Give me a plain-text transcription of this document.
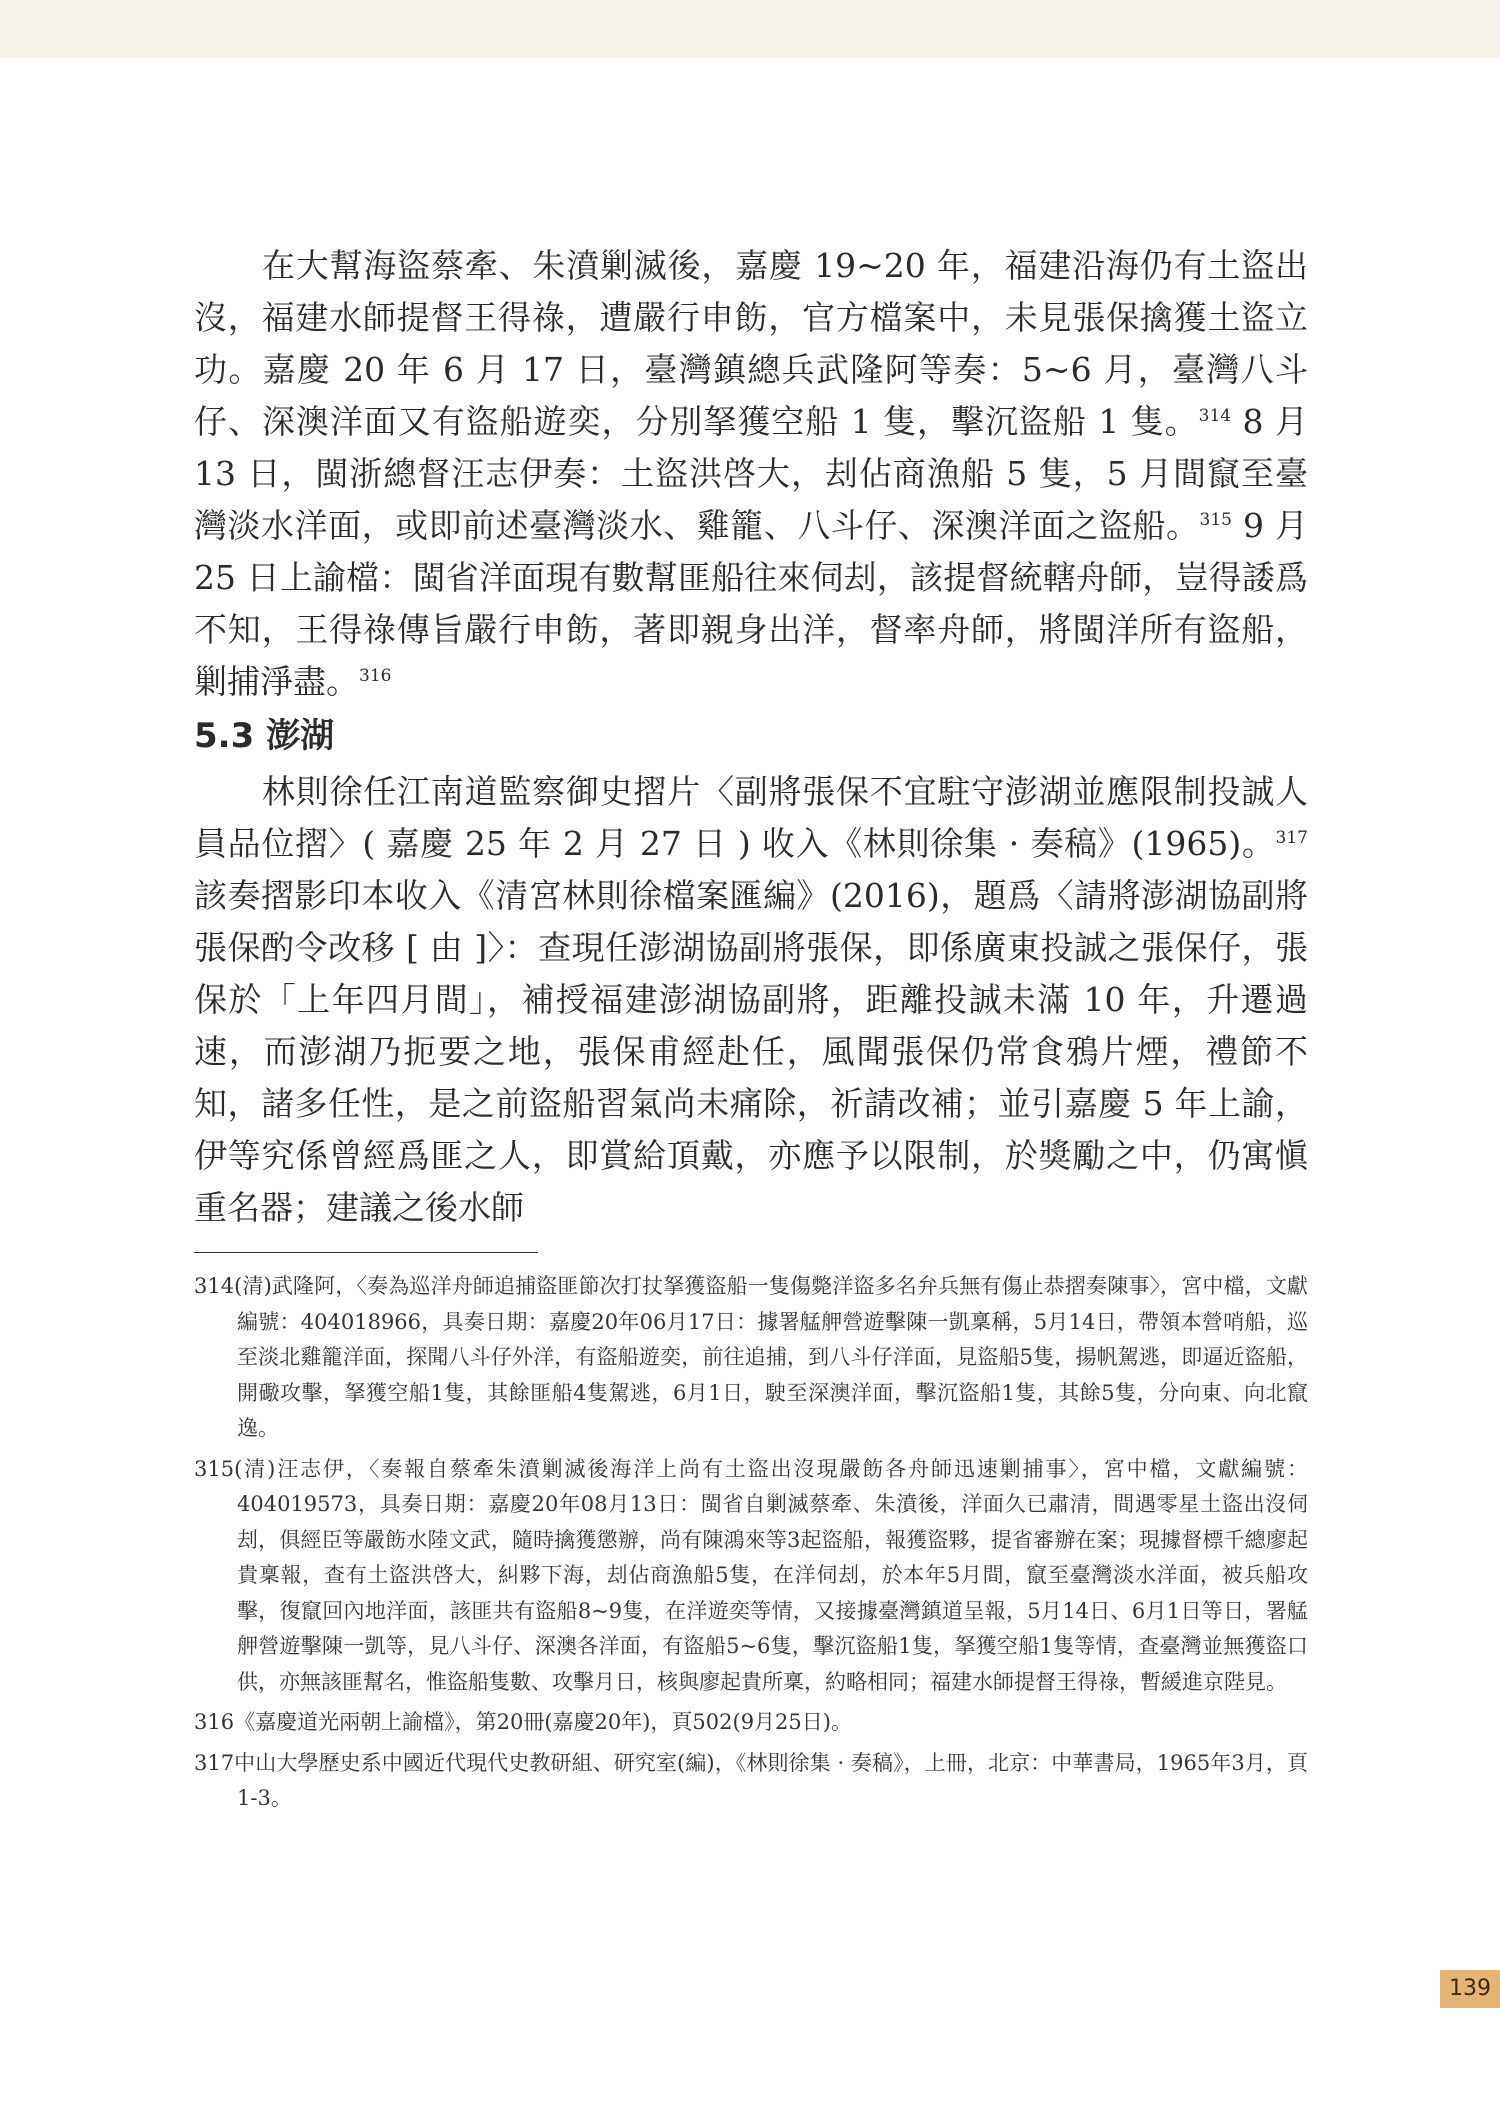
在大幫海盜蔡牽、朱濆剿滅後，嘉慶 19~20 年，福建沿海仍有土盜出沒，福建水師提督王得祿，遭嚴行申飭，官方檔案中，未見張保擒獲土盜立功。嘉慶 20 年 6 月 17 日，臺灣鎮總兵武隆阿等奏：5~6 月，臺灣八斗仔、深澳洋面又有盜船遊奕，分別拏獲空船 1 隻，擊沉盜船 1 隻。$^{314}$ 8 月 13 日，閩浙總督汪志伊奏：土盜洪啓大，刦佔商漁船 5 隻，5 月間竄至臺灣淡水洋面，或即前述臺灣淡水、雞籠、八斗仔、深澳洋面之盜船。$^{315}$ 9 月 25 日上諭檔：閩省洋面現有數幫匪船往來伺刦，該提督統轄舟師，豈得諉爲不知，王得祿傳旨嚴行申飭，著即親身出洋，督率舟師，將閩洋所有盜船，剿捕淨盡。$^{316}$

5.3 澎湖

林則徐任江南道監察御史摺片〈副將張保不宜駐守澎湖並應限制投誠人員品位摺〉( 嘉慶 25 年 2 月 27 日 ) 收入《林則徐集 · 奏稿》(1965)。$^{317}$ 該奏摺影印本收入《清宮林則徐檔案匯編》(2016)，題爲〈請將澎湖協副將張保酌令改移 [ 由 ]〉：查現任澎湖協副將張保，即係廣東投誠之張保仔，張保於「上年四月間」，補授福建澎湖協副將，距離投誠未滿 10 年，升遷過速，而澎湖乃扼要之地，張保甫經赴任，風聞張保仍常食鴉片煙，禮節不知，諸多任性，是之前盜船習氣尚未痛除，祈請改補；並引嘉慶 5 年上諭，伊等究係曾經爲匪之人，即賞給頂戴，亦應予以限制，於獎勵之中，仍寓愼重名器；建議之後水師

314(清)武隆阿，〈奏為巡洋舟師追捕盜匪節次打扙拏獲盜船一隻傷斃洋盜多名弁兵無有傷止恭摺奏陳事〉，宮中檔，文獻編號：404018966，具奏日期：嘉慶20年06月17日：據署艋舺營遊擊陳一凱稟稱，5月14日，帶領本營哨船，巡至淡北雞籠洋面，探聞八斗仔外洋，有盜船遊奕，前往追捕，到八斗仔洋面，見盜船5隻，揚帆駕逃，即逼近盜船，開礮攻擊，拏獲空船1隻，其餘匪船4隻駕逃，6月1日，駛至深澳洋面，擊沉盜船1隻，其餘5隻，分向東、向北竄逸。

315(清)汪志伊，〈奏報自蔡牽朱濆剿滅後海洋上尚有土盜出沒現嚴飭各舟師迅速剿捕事〉，宮中檔，文獻編號：404019573，具奏日期：嘉慶20年08月13日：閩省自剿滅蔡牽、朱濆後，洋面久已肅清，間遇零星土盜出沒伺刦，俱經臣等嚴飭水陸文武，隨時擒獲懲辦，尚有陳鴻來等3起盜船，報獲盜夥，提省審辦在案；現據督標千總廖起貴稟報，查有土盜洪啓大，糾夥下海，刦佔商漁船5隻，在洋伺刦，於本年5月間，竄至臺灣淡水洋面，被兵船攻擊，復竄回內地洋面，該匪共有盜船8~9隻，在洋遊奕等情，又接據臺灣鎮道呈報，5月14日、6月1日等日，署艋舺營遊擊陳一凱等，見八斗仔、深澳各洋面，有盜船5~6隻，擊沉盜船1隻，拏獲空船1隻等情，查臺灣並無獲盜口供，亦無該匪幫名，惟盜船隻數、攻擊月日，核與廖起貴所稟，約略相同；福建水師提督王得祿，暫緩進京陛見。

316《嘉慶道光兩朝上諭檔》，第20冊(嘉慶20年)，頁502(9月25日)。

317中山大學歷史系中國近代現代史教研組、研究室(編)，《林則徐集 · 奏稿》，上冊，北京：中華書局，1965年3月，頁1-3。

139
